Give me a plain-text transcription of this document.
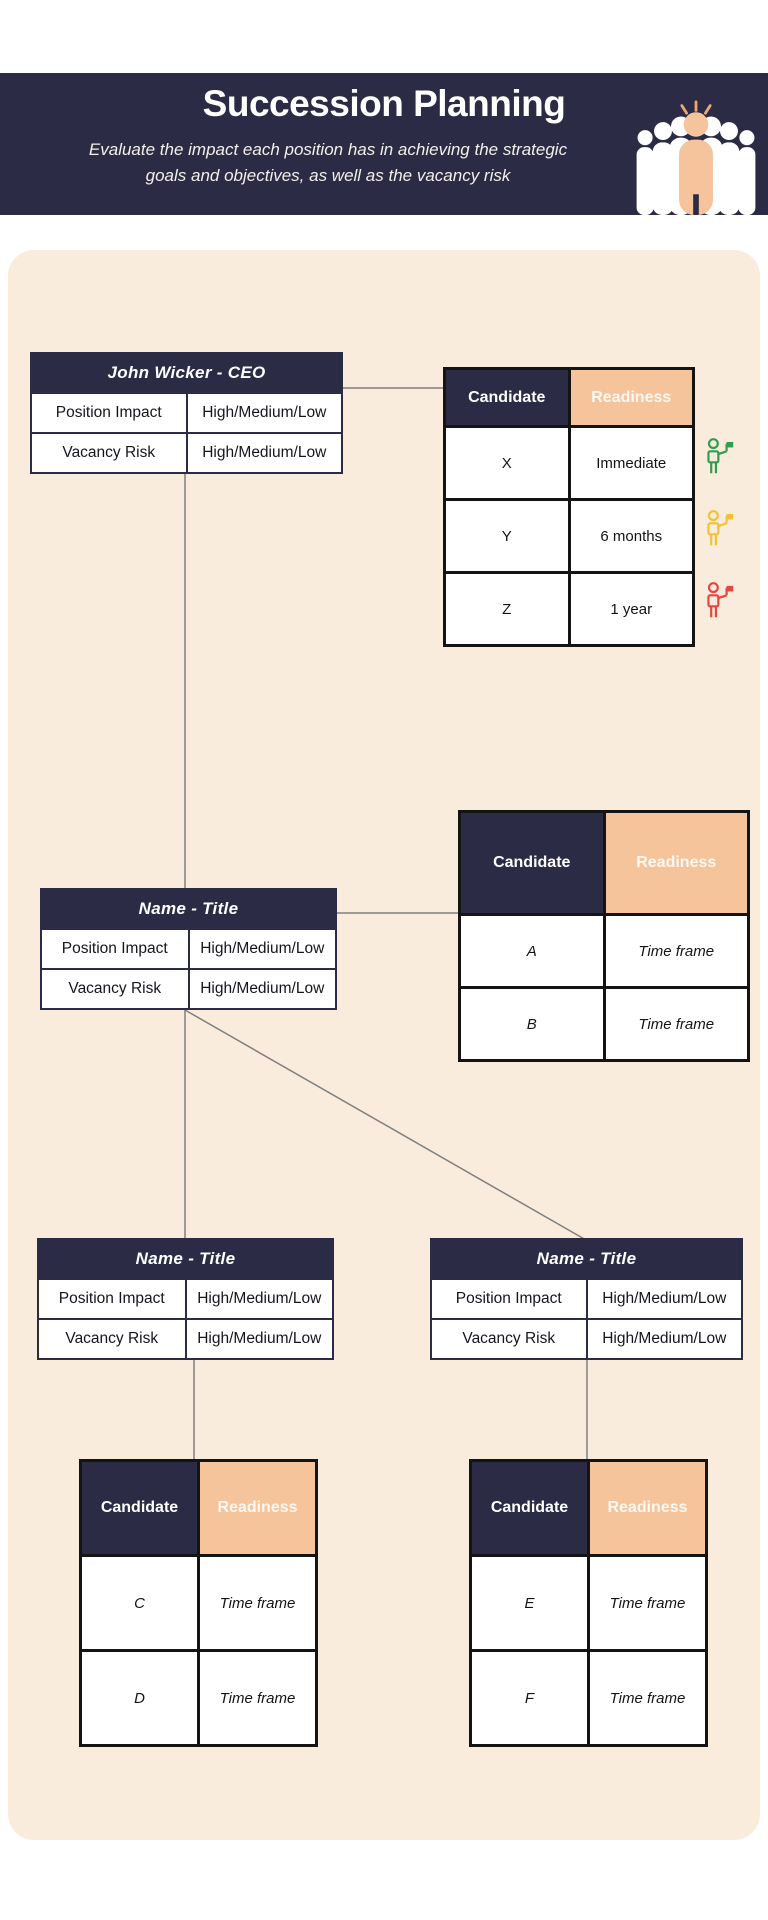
Succession Planning
Evaluate the impact each position has in achieving the strategic
goals and objectives, as well as the vacancy risk
John Wicker - CEO
Position Impact	High/Medium/Low
Vacancy Risk	High/Medium/Low
Candidate	Readiness
X	Immediate
Y	6 months
Z	1 year
Name - Title
Position Impact	High/Medium/Low
Vacancy Risk	High/Medium/Low
Candidate	Readiness
A	Time frame
B	Time frame
Name - Title
Position Impact	High/Medium/Low
Vacancy Risk	High/Medium/Low
Name - Title
Position Impact	High/Medium/Low
Vacancy Risk	High/Medium/Low
Candidate	Readiness
C	Time frame
D	Time frame
Candidate	Readiness
E	Time frame
F	Time frame
